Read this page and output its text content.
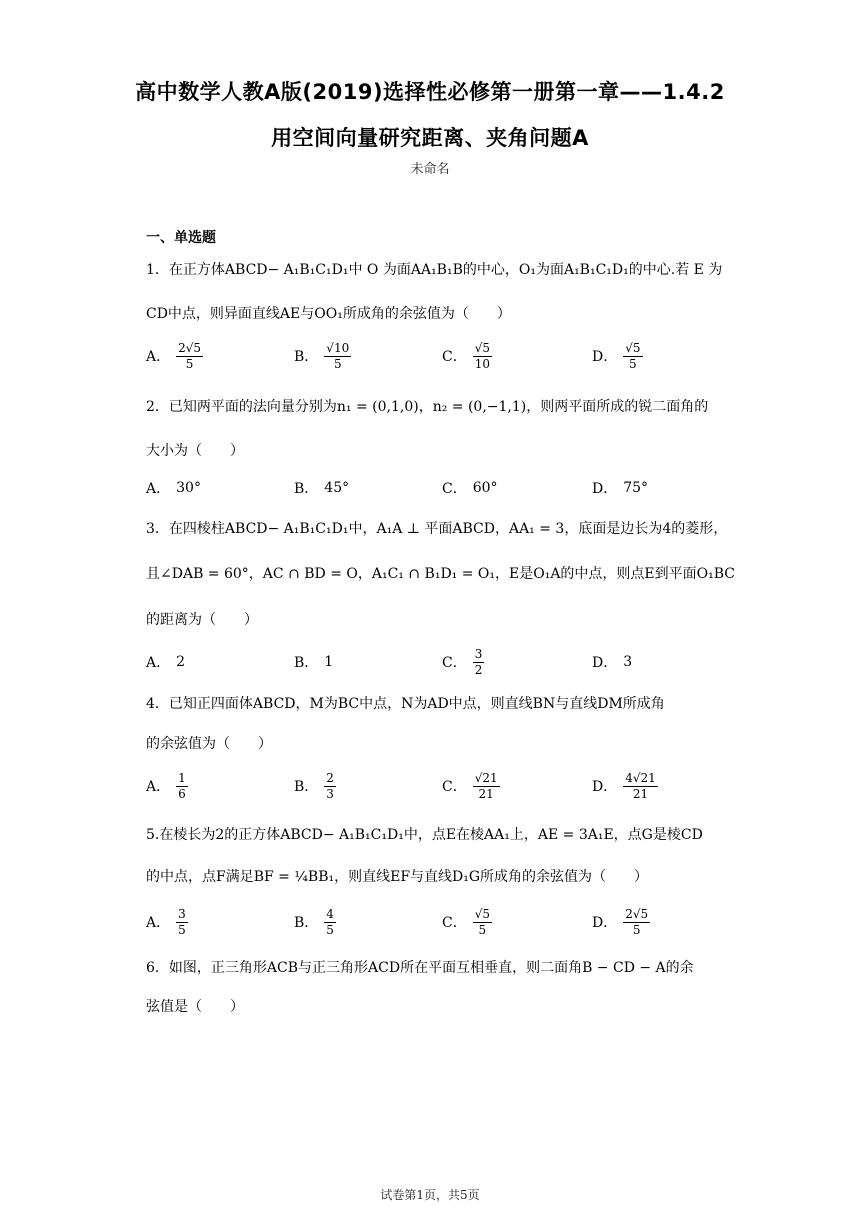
高中数学人教A版(2019)选择性必修第一册第一章——1.4.2
用空间向量研究距离、夹角问题A
未命名
一、单选题
1．在正方体ABCD− A₁B₁C₁D₁中 O 为面AA₁B₁B的中心，O₁为面A₁B₁C₁D₁的中心.若 E 为
CD中点，则异面直线AE与OO₁所成角的余弦值为（　　）
A． $\frac{2√5}{5}$	B． $\frac{√10}{5}$	C． $\frac{√5}{10}$	D． $\frac{√5}{5}$
2．已知两平面的法向量分别为n₁ = (0,1,0)，n₂ = (0,−1,1)，则两平面所成的锐二面角的
大小为（　　）
A． 30°	B． 45°	C． 60°	D． 75°
3．在四棱柱ABCD− A₁B₁C₁D₁中，A₁A ⊥ 平面ABCD，AA₁ = 3，底面是边长为4的菱形，
且∠DAB = 60°，AC ∩ BD = O，A₁C₁ ∩ B₁D₁ = O₁，E是O₁A的中点，则点E到平面O₁BC
的距离为（　　）
A． 2	B． 1	C． $\frac{3}{2}$	D． 3
4．已知正四面体ABCD，M为BC中点，N为AD中点，则直线BN与直线DM所成角
的余弦值为（　　）
A． $\frac{1}{6}$	B． $\frac{2}{3}$	C． $\frac{√21}{21}$	D． $\frac{4√21}{21}$
5.在棱长为2的正方体ABCD− A₁B₁C₁D₁中，点E在棱AA₁上，AE = 3A₁E，点G是棱CD
的中点，点F满足BF = ¼BB₁，则直线EF与直线D₁G所成角的余弦值为（　　）
A． $\frac{3}{5}$	B． $\frac{4}{5}$	C． $\frac{√5}{5}$	D． $\frac{2√5}{5}$
6．如图，正三角形ACB与正三角形ACD所在平面互相垂直，则二面角B − CD − A的余
弦值是（　　）
试卷第1页，共5页
